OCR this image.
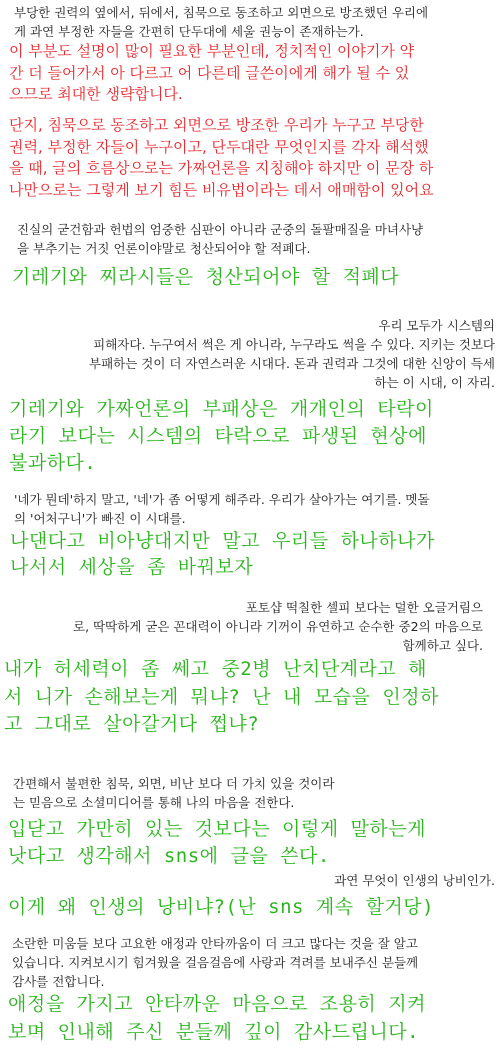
부당한 권력의 옆에서, 뒤에서, 침묵으로 동조하고 외면으로 방조했던 우리에
게 과연 부정한 자들을 간편히 단두대에 세울 권능이 존재하는가.

이 부분도 설명이 많이 필요한 부분인데, 정치적인 이야기가 약
간 더 들어가서 아 다르고 어 다른데 글쓴이에게 해가 될 수 있
으므로 최대한 생략합니다.

단지, 침묵으로 동조하고 외면으로 방조한 우리가 누구고 부당한
권력, 부정한 자들이 누구이고, 단두대란 무엇인지를 각자 해석했
을 때, 글의 흐름상으로는 가짜언론을 지칭해야 하지만 이 문장 하
나만으로는 그렇게 보기 힘든 비유법이라는 데서 애매함이 있어요

진실의 굳건함과 헌법의 엄중한 심판이 아니라 군중의 돌팔매질을 마녀사냥
을 부추기는 거짓 언론이야말로 청산되어야 할 적폐다.

기레기와 찌라시들은 청산되어야 할 적폐다

우리 모두가 시스템의
피해자다. 누구여서 썩은 게 아니라, 누구라도 썩을 수 있다. 지키는 것보다
부패하는 것이 더 자연스러운 시대다. 돈과 권력과 그것에 대한 신앙이 득세
하는 이 시대, 이 자리.

기레기와 가짜언론의 부패상은 개개인의 타락이
라기 보다는 시스템의 타락으로 파생된 현상에
불과하다.

'네가 뭔데'하지 말고, '네'가 좀 어떻게 해주라. 우리가 살아가는 여기를. 멧돌
의 '어처구니'가 빠진 이 시대를.

나댄다고 비아냥대지만 말고 우리들 하나하나가
나서서 세상을 좀 바꿔보자

포토샵 떡칠한 셀피 보다는 덜한 오글거림으
로, 딱딱하게 굳은 꼰대력이 아니라 기꺼이 유연하고 순수한 중2의 마음으로
함께하고 싶다.

내가 허세력이 좀 쎄고 중2병 난치단계라고 해
서 니가 손해보는게 뭐냐? 난 내 모습을 인정하
고 그대로 살아갈거다 쩝냐?

간편해서 불편한 침묵, 외면, 비난 보다 더 가치 있을 것이라
는 믿음으로 소셜미디어를 통해 나의 마음을 전한다.

입닫고 가만히 있는 것보다는 이렇게 말하는게
낫다고 생각해서 sns에 글을 쓴다.

과연 무엇이 인생의 낭비인가.

이게 왜 인생의 낭비냐?(난 sns 계속 할거당)

소란한 미움들 보다 고요한 애정과 안타까움이 더 크고 많다는 것을 잘 알고
있습니다. 지켜보시기 힘겨웠을 걸음걸음에 사랑과 격려를 보내주신 분들께
감사를 전합니다.

애정을 가지고 안타까운 마음으로 조용히 지켜
보며 인내해 주신 분들께 깊이 감사드립니다.
